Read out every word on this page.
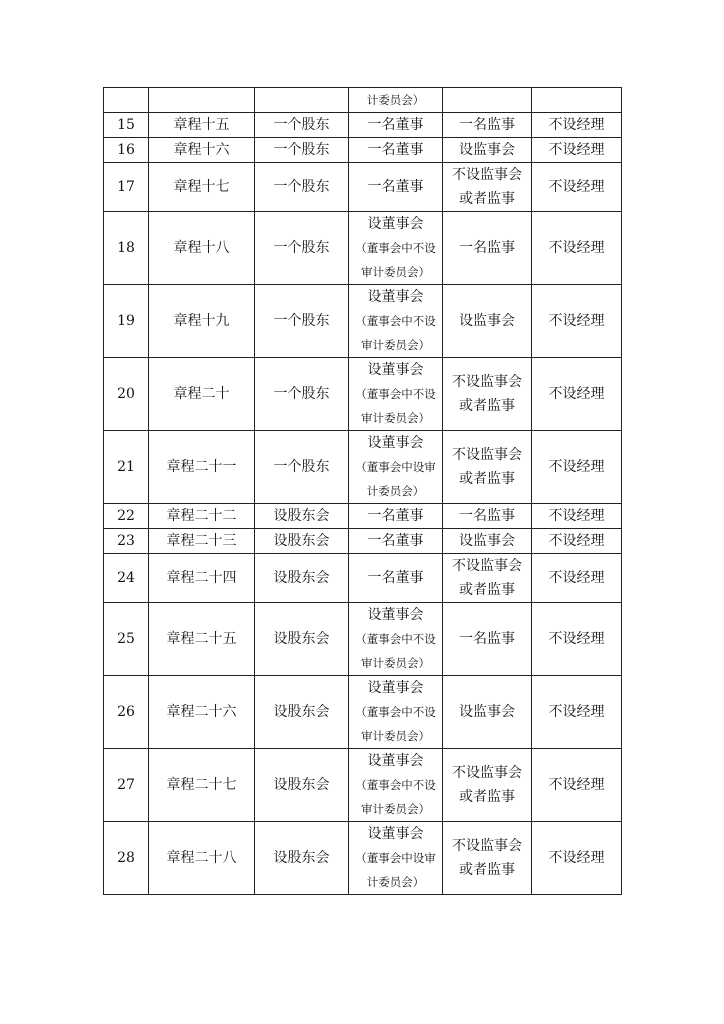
			计委员会）		

15	章程十五	一个股东	一名董事	一名监事	不设经理
16	章程十六	一个股东	一名董事	设监事会	不设经理
17	章程十七	一个股东	一名董事	不设监事会
或者监事	不设经理
18	章程十八	一个股东	设董事会
（董事会中不设
审计委员会）	一名监事	不设经理
19	章程十九	一个股东	设董事会
（董事会中不设
审计委员会）	设监事会	不设经理
20	章程二十	一个股东	设董事会
（董事会中不设
审计委员会）	不设监事会
或者监事	不设经理
21	章程二十一	一个股东	设董事会
（董事会中设审
计委员会）	不设监事会
或者监事	不设经理
22	章程二十二	设股东会	一名董事	一名监事	不设经理
23	章程二十三	设股东会	一名董事	设监事会	不设经理
24	章程二十四	设股东会	一名董事	不设监事会
或者监事	不设经理
25	章程二十五	设股东会	设董事会
（董事会中不设
审计委员会）	一名监事	不设经理
26	章程二十六	设股东会	设董事会
（董事会中不设
审计委员会）	设监事会	不设经理
27	章程二十七	设股东会	设董事会
（董事会中不设
审计委员会）	不设监事会
或者监事	不设经理
28	章程二十八	设股东会	设董事会
（董事会中设审
计委员会）	不设监事会
或者监事	不设经理
